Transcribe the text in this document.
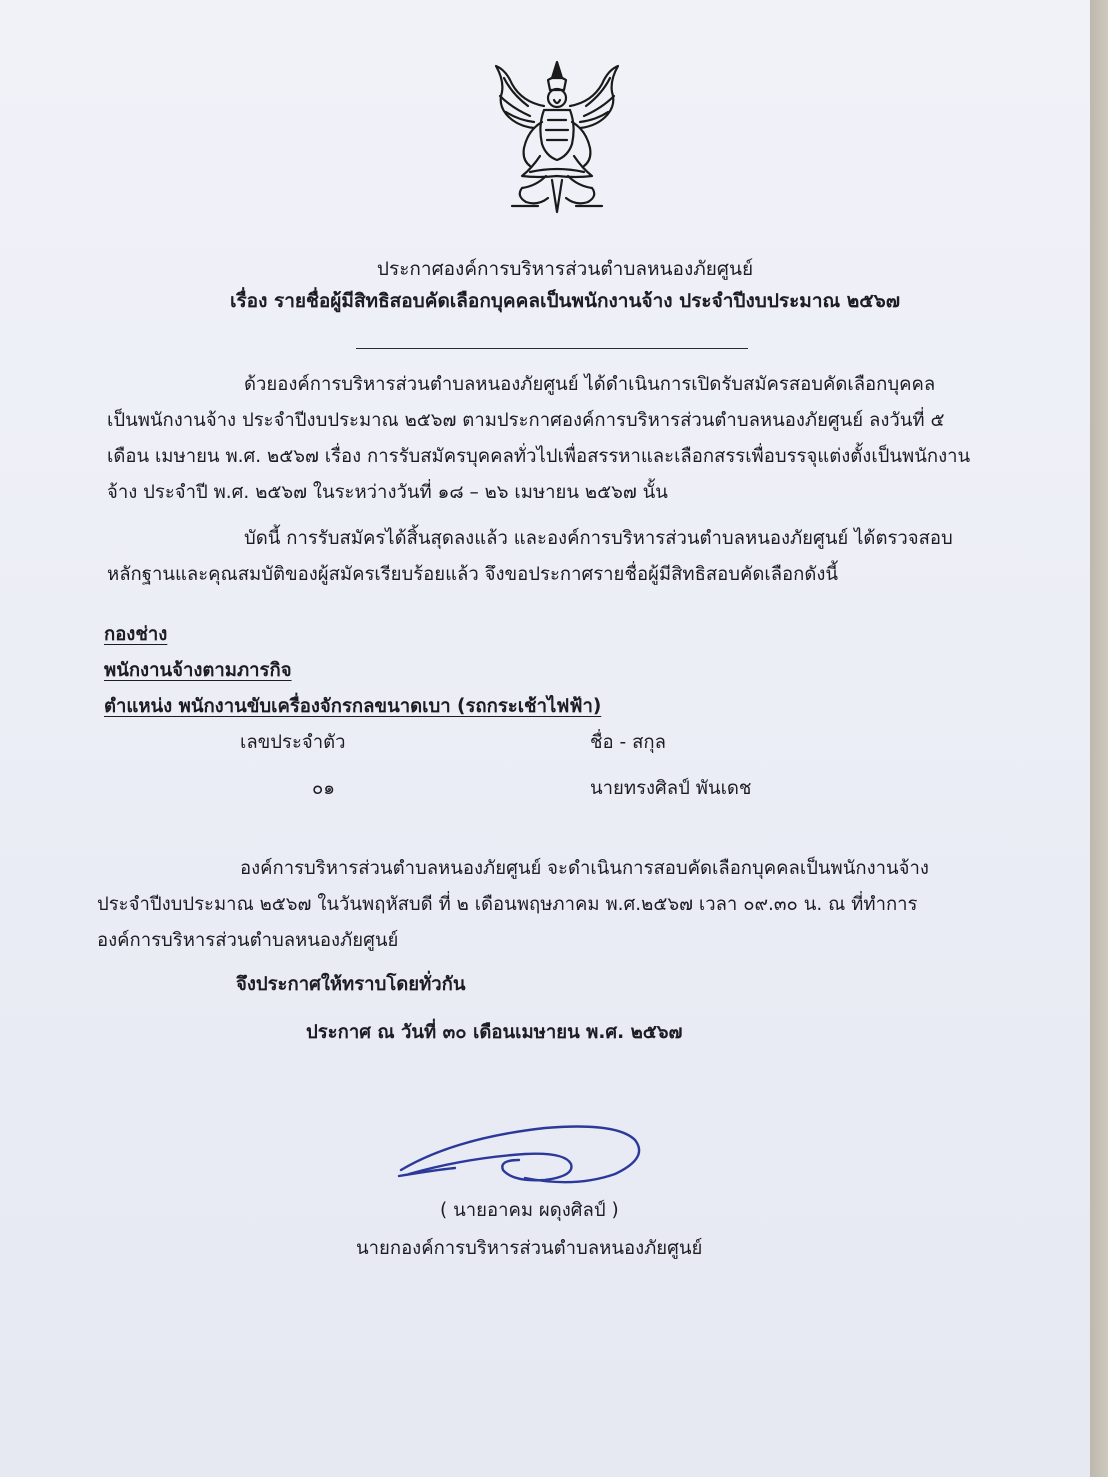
ประกาศองค์การบริหารส่วนตำบลหนองภัยศูนย์
เรื่อง รายชื่อผู้มีสิทธิสอบคัดเลือกบุคคลเป็นพนักงานจ้าง ประจำปีงบประมาณ ๒๕๖๗
ด้วยองค์การบริหารส่วนตำบลหนองภัยศูนย์ ได้ดำเนินการเปิดรับสมัครสอบคัดเลือกบุคคล
เป็นพนักงานจ้าง ประจำปีงบประมาณ ๒๕๖๗ ตามประกาศองค์การบริหารส่วนตำบลหนองภัยศูนย์ ลงวันที่ ๕
เดือน เมษายน พ.ศ. ๒๕๖๗ เรื่อง การรับสมัครบุคคลทั่วไปเพื่อสรรหาและเลือกสรรเพื่อบรรจุแต่งตั้งเป็นพนักงาน
จ้าง ประจำปี พ.ศ. ๒๕๖๗ ในระหว่างวันที่ ๑๘ – ๒๖ เมษายน ๒๕๖๗ นั้น
บัดนี้ การรับสมัครได้สิ้นสุดลงแล้ว และองค์การบริหารส่วนตำบลหนองภัยศูนย์ ได้ตรวจสอบ
หลักฐานและคุณสมบัติของผู้สมัครเรียบร้อยแล้ว จึงขอประกาศรายชื่อผู้มีสิทธิสอบคัดเลือกดังนี้
กองช่าง
พนักงานจ้างตามภารกิจ
ตำแหน่ง พนักงานขับเครื่องจักรกลขนาดเบา (รถกระเช้าไฟฟ้า)
เลขประจำตัว	ชื่อ - สกุล
๐๑	นายทรงศิลป์ พันเดช
องค์การบริหารส่วนตำบลหนองภัยศูนย์ จะดำเนินการสอบคัดเลือกบุคคลเป็นพนักงานจ้าง
ประจำปีงบประมาณ ๒๕๖๗ ในวันพฤหัสบดี ที่ ๒ เดือนพฤษภาคม พ.ศ.๒๕๖๗ เวลา ๐๙.๓๐ น. ณ ที่ทำการ
องค์การบริหารส่วนตำบลหนองภัยศูนย์
จึงประกาศให้ทราบโดยทั่วกัน
ประกาศ ณ วันที่ ๓๐ เดือนเมษายน พ.ศ. ๒๕๖๗
( นายอาคม ผดุงศิลป์ )
นายกองค์การบริหารส่วนตำบลหนองภัยศูนย์
